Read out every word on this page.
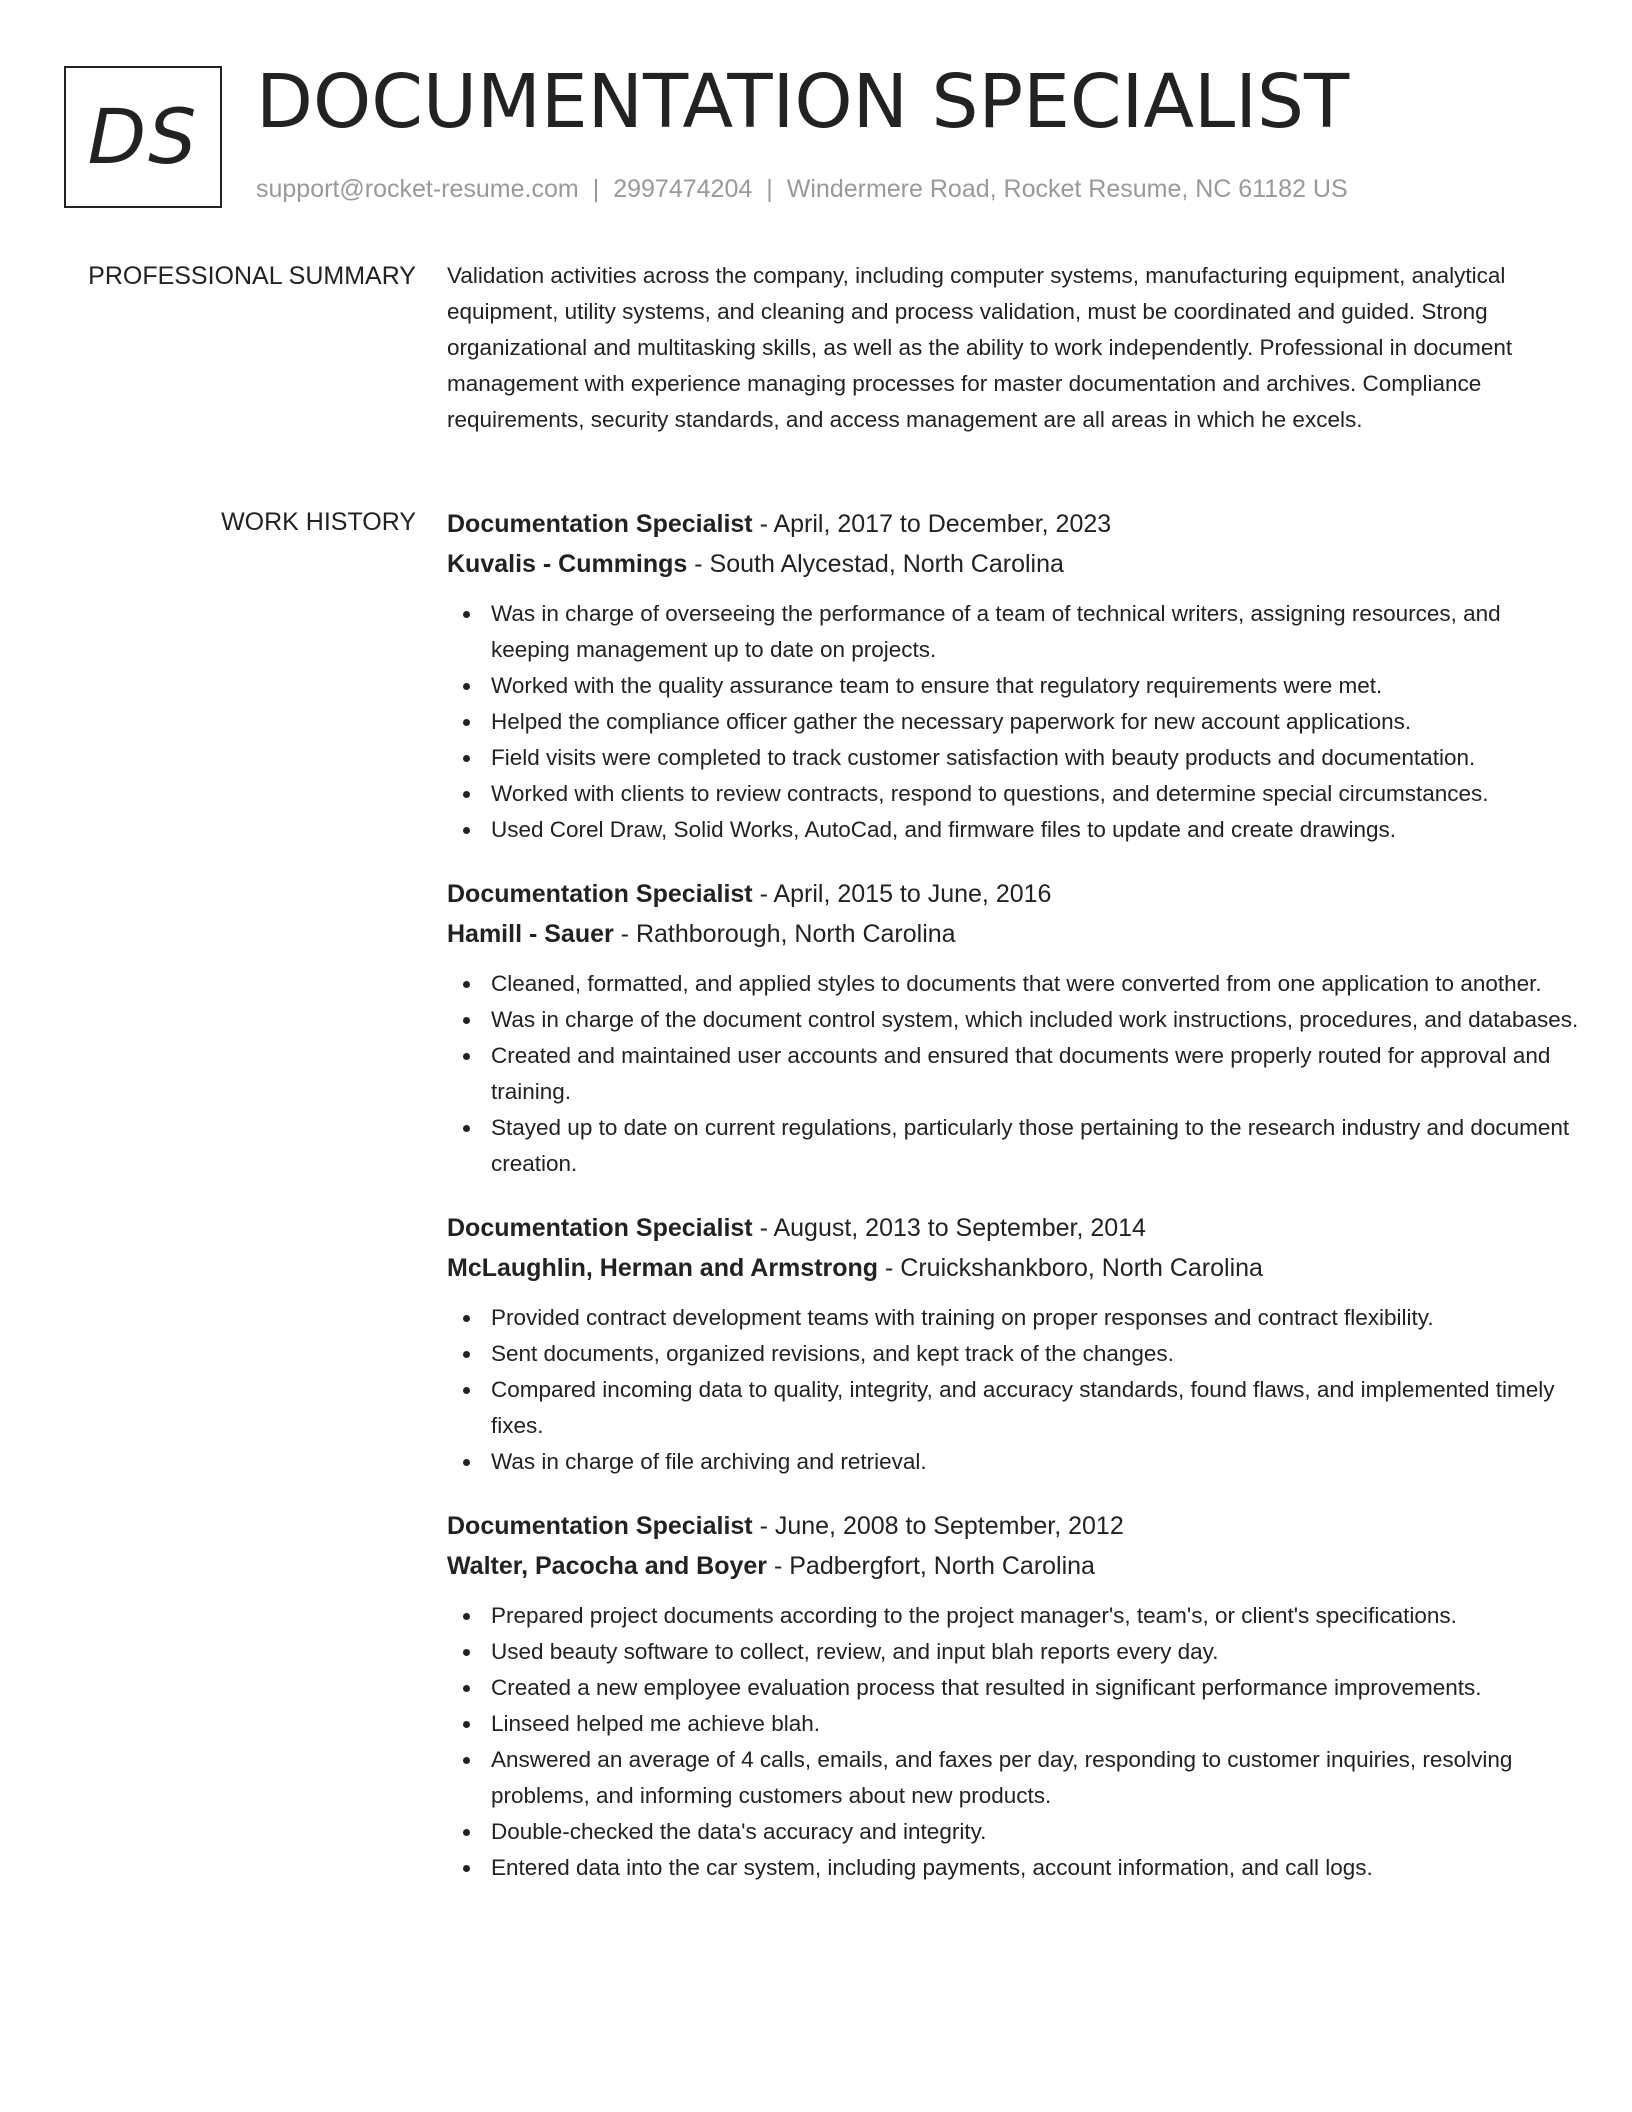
DS DOCUMENTATION SPECIALIST
support@rocket-resume.com | 2997474204 | Windermere Road, Rocket Resume, NC 61182 US
PROFESSIONAL SUMMARY Validation activities across the company, including computer systems, manufacturing equipment, analytical equipment, utility systems, and cleaning and process validation, must be coordinated and guided. Strong organizational and multitasking skills, as well as the ability to work independently. Professional in document management with experience managing processes for master documentation and archives. Compliance requirements, security standards, and access management are all areas in which he excels.

WORK HISTORY Documentation Specialist - April, 2017 to December, 2023
Kuvalis - Cummings - South Alycestad, North Carolina
Was in charge of overseeing the performance of a team of technical writers, assigning resources, and keeping management up to date on projects.
Worked with the quality assurance team to ensure that regulatory requirements were met.
Helped the compliance officer gather the necessary paperwork for new account applications.
Field visits were completed to track customer satisfaction with beauty products and documentation.
Worked with clients to review contracts, respond to questions, and determine special circumstances.
Used Corel Draw, Solid Works, AutoCad, and firmware files to update and create drawings.
Documentation Specialist - April, 2015 to June, 2016
Hamill - Sauer - Rathborough, North Carolina
Cleaned, formatted, and applied styles to documents that were converted from one application to another.
Was in charge of the document control system, which included work instructions, procedures, and databases.
Created and maintained user accounts and ensured that documents were properly routed for approval and training.
Stayed up to date on current regulations, particularly those pertaining to the research industry and document creation.
Documentation Specialist - August, 2013 to September, 2014
McLaughlin, Herman and Armstrong - Cruickshankboro, North Carolina
Provided contract development teams with training on proper responses and contract flexibility.
Sent documents, organized revisions, and kept track of the changes.
Compared incoming data to quality, integrity, and accuracy standards, found flaws, and implemented timely fixes.
Was in charge of file archiving and retrieval.
Documentation Specialist - June, 2008 to September, 2012
Walter, Pacocha and Boyer - Padbergfort, North Carolina
Prepared project documents according to the project manager's, team's, or client's specifications.
Used beauty software to collect, review, and input blah reports every day.
Created a new employee evaluation process that resulted in significant performance improvements.
Linseed helped me achieve blah.
Answered an average of 4 calls, emails, and faxes per day, responding to customer inquiries, resolving problems, and informing customers about new products.
Double-checked the data's accuracy and integrity.
Entered data into the car system, including payments, account information, and call logs.
